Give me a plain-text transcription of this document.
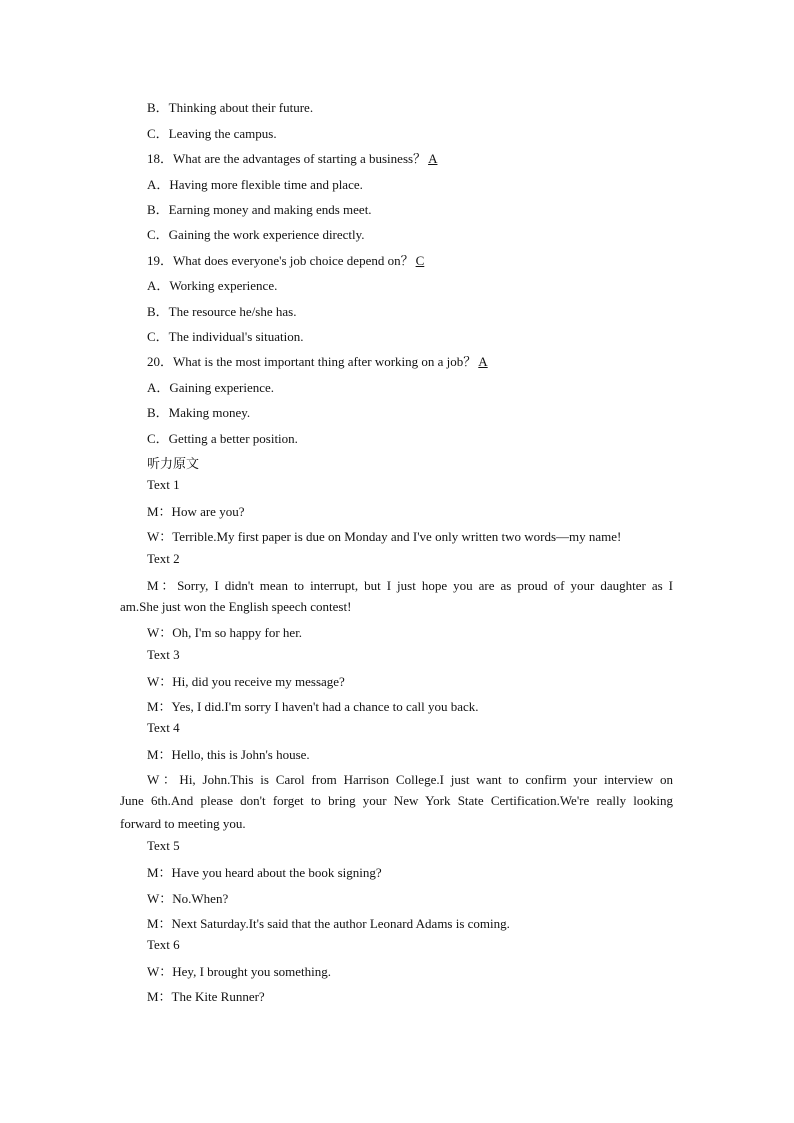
B．Thinking about their future.
C．Leaving the campus.
18．What are the advantages of starting a business？ A
A．Having more flexible time and place.
B．Earning money and making ends meet.
C．Gaining the work experience directly.
19．What does everyone's job choice depend on？ C
A．Working experience.
B．The resource he/she has.
C．The individual's situation.
20．What is the most important thing after working on a job？ A
A．Gaining experience.
B．Making money.
C．Getting a better position.
听力原文
Text 1
M：How are you?
W：Terrible.My first paper is due on Monday and I've only written two words—my name!
Text 2
M：Sorry, I didn't mean to interrupt, but I just hope you are as proud of your daughter as I
am.She just won the English speech contest!
W：Oh, I'm so happy for her.
Text 3
W：Hi, did you receive my message?
M：Yes, I did.I'm sorry I haven't had a chance to call you back.
Text 4
M：Hello, this is John's house.
W：Hi, John.This is Carol from Harrison College.I just want to confirm your interview on
June 6th.And please don't forget to bring your New York State Certification.We're really looking
forward to meeting you.
Text 5
M：Have you heard about the book signing?
W：No.When?
M：Next Saturday.It's said that the author Leonard Adams is coming.
Text 6
W：Hey, I brought you something.
M：The Kite Runner?
